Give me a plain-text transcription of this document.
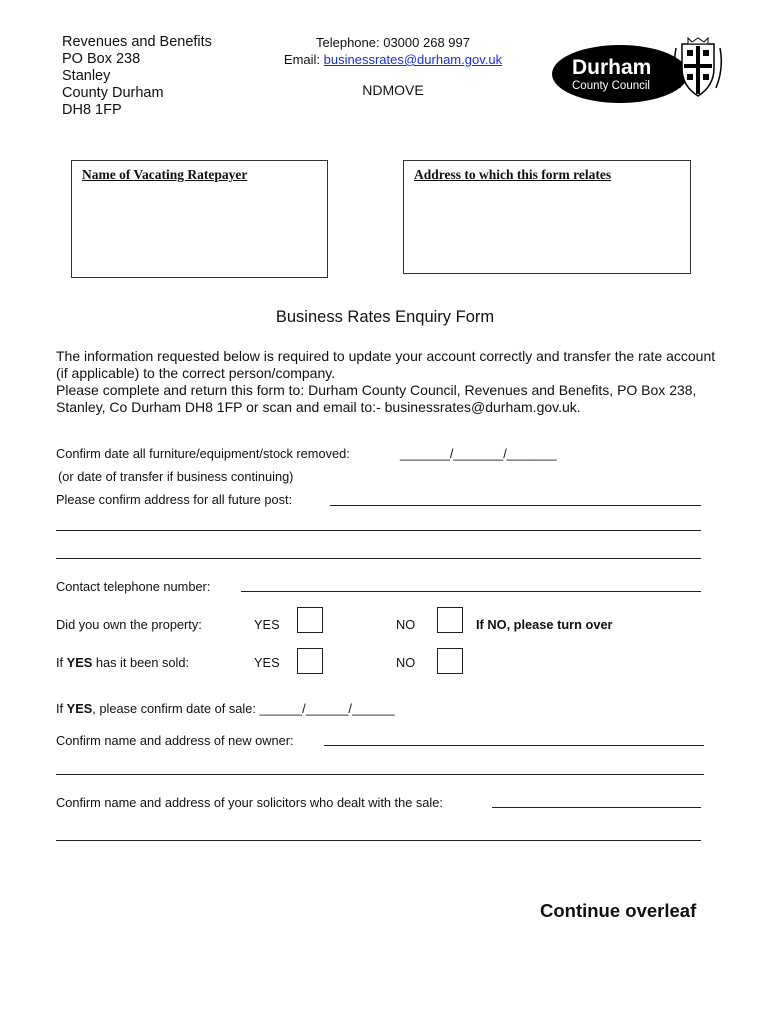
Revenues and Benefits
PO Box 238
Stanley
County Durham
DH8 1FP
Telephone: 03000 268 997
Email: businessrates@durham.gov.uk
NDMOVE
Durham
County Council
Name of Vacating Ratepayer	Address to which this form relates
Business Rates Enquiry Form
The information requested below is required to update your account correctly and transfer the rate account (if applicable) to the correct person/company.
Please complete and return this form to: Durham County Council, Revenues and Benefits, PO Box 238, Stanley, Co Durham DH8 1FP or scan and email to:- businessrates@durham.gov.uk.
Confirm date all furniture/equipment/stock removed:	_______/_______/_______
(or date of transfer if business continuing)
Please confirm address for all future post:
Contact telephone number:
Did you own the property:	YES	NO	If NO, please turn over
If YES has it been sold:	YES	NO
If YES, please confirm date of sale: ______/______/______
Confirm name and address of new owner:
Confirm name and address of your solicitors who dealt with the sale:
Continue overleaf
